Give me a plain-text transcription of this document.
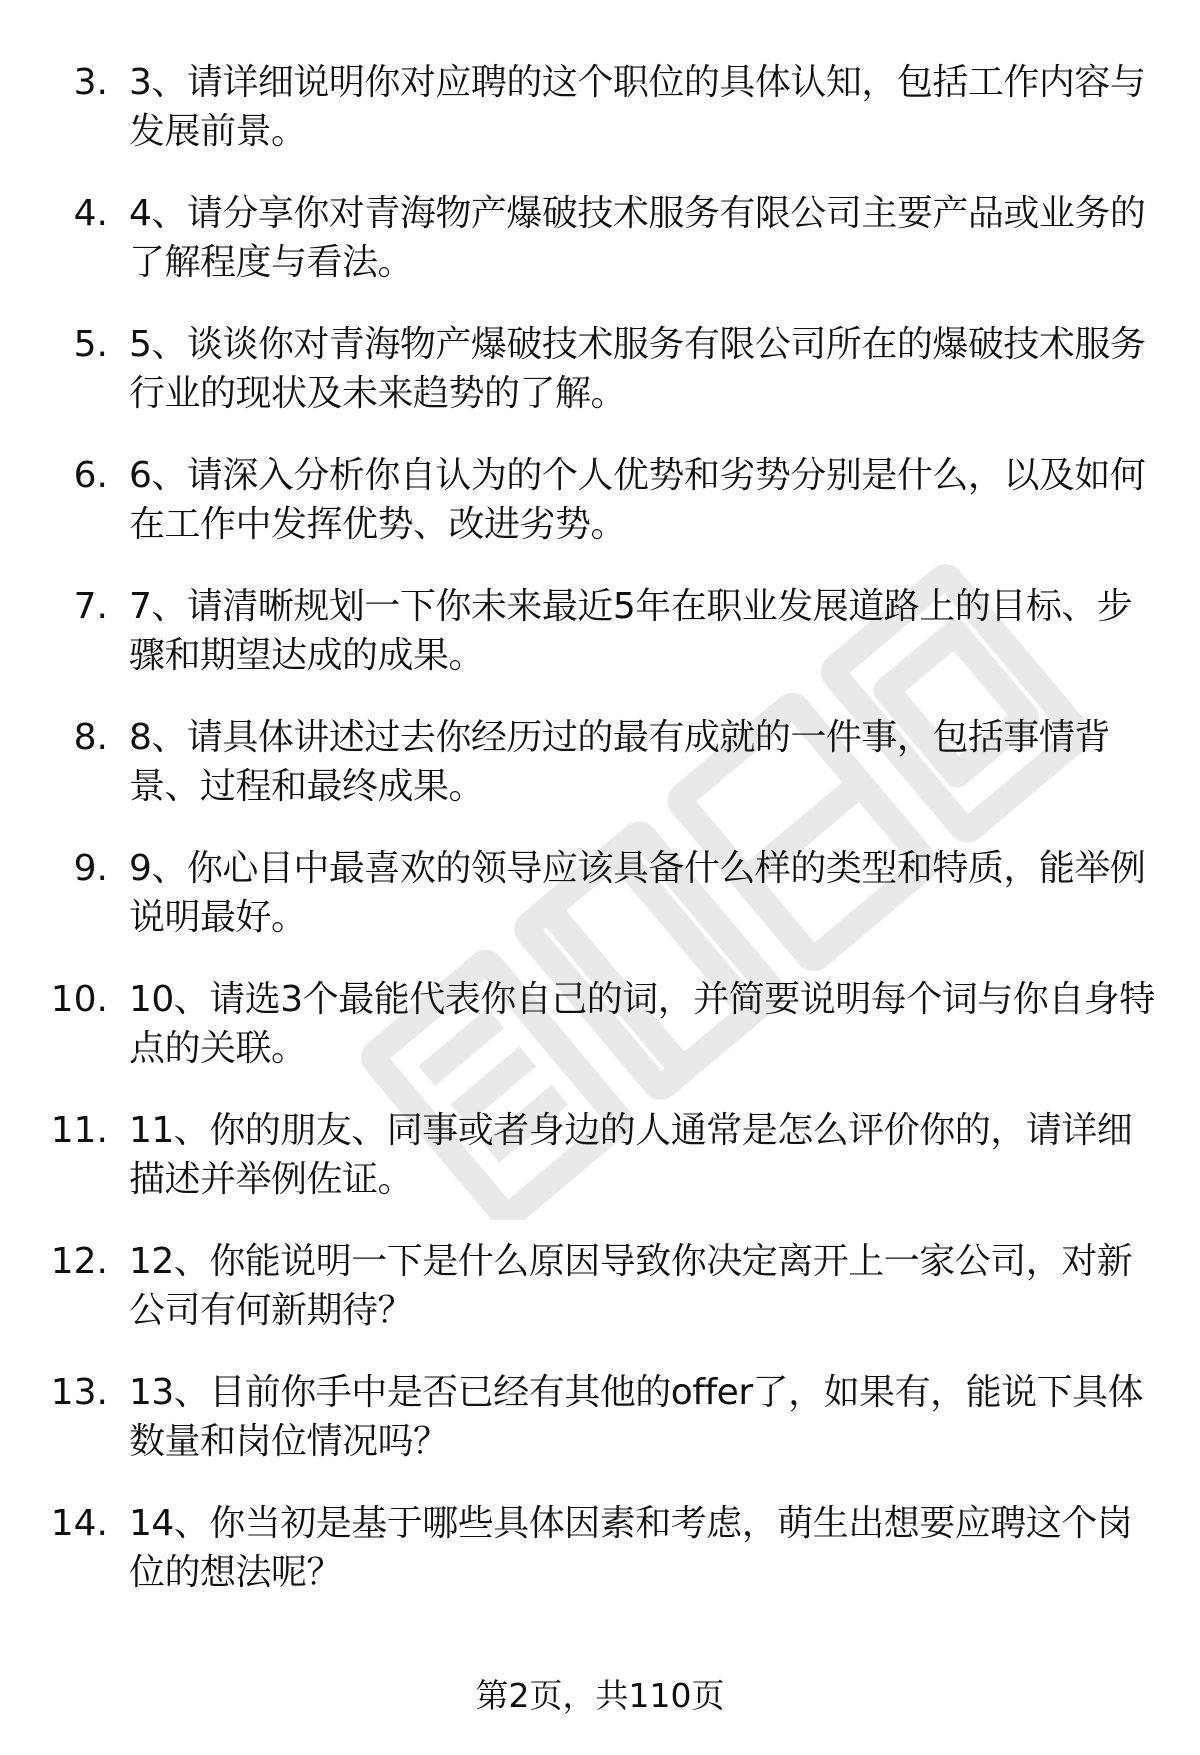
3. 3、请详细说明你对应聘的这个职位的具体认知，包括工作内容与发展前景。
4. 4、请分享你对青海物产爆破技术服务有限公司主要产品或业务的了解程度与看法。
5. 5、谈谈你对青海物产爆破技术服务有限公司所在的爆破技术服务行业的现状及未来趋势的了解。
6. 6、请深入分析你自认为的个人优势和劣势分别是什么，以及如何在工作中发挥优势、改进劣势。
7. 7、请清晰规划一下你未来最近5年在职业发展道路上的目标、步骤和期望达成的成果。
8. 8、请具体讲述过去你经历过的最有成就的一件事，包括事情背景、过程和最终成果。
9. 9、你心目中最喜欢的领导应该具备什么样的类型和特质，能举例说明最好。
10. 10、请选3个最能代表你自己的词，并简要说明每个词与你自身特点的关联。
11. 11、你的朋友、同事或者身边的人通常是怎么评价你的，请详细描述并举例佐证。
12. 12、你能说明一下是什么原因导致你决定离开上一家公司，对新公司有何新期待？
13. 13、目前你手中是否已经有其他的offer了，如果有，能说下具体数量和岗位情况吗？
14. 14、你当初是基于哪些具体因素和考虑，萌生出想要应聘这个岗位的想法呢？
第2页，共110页
